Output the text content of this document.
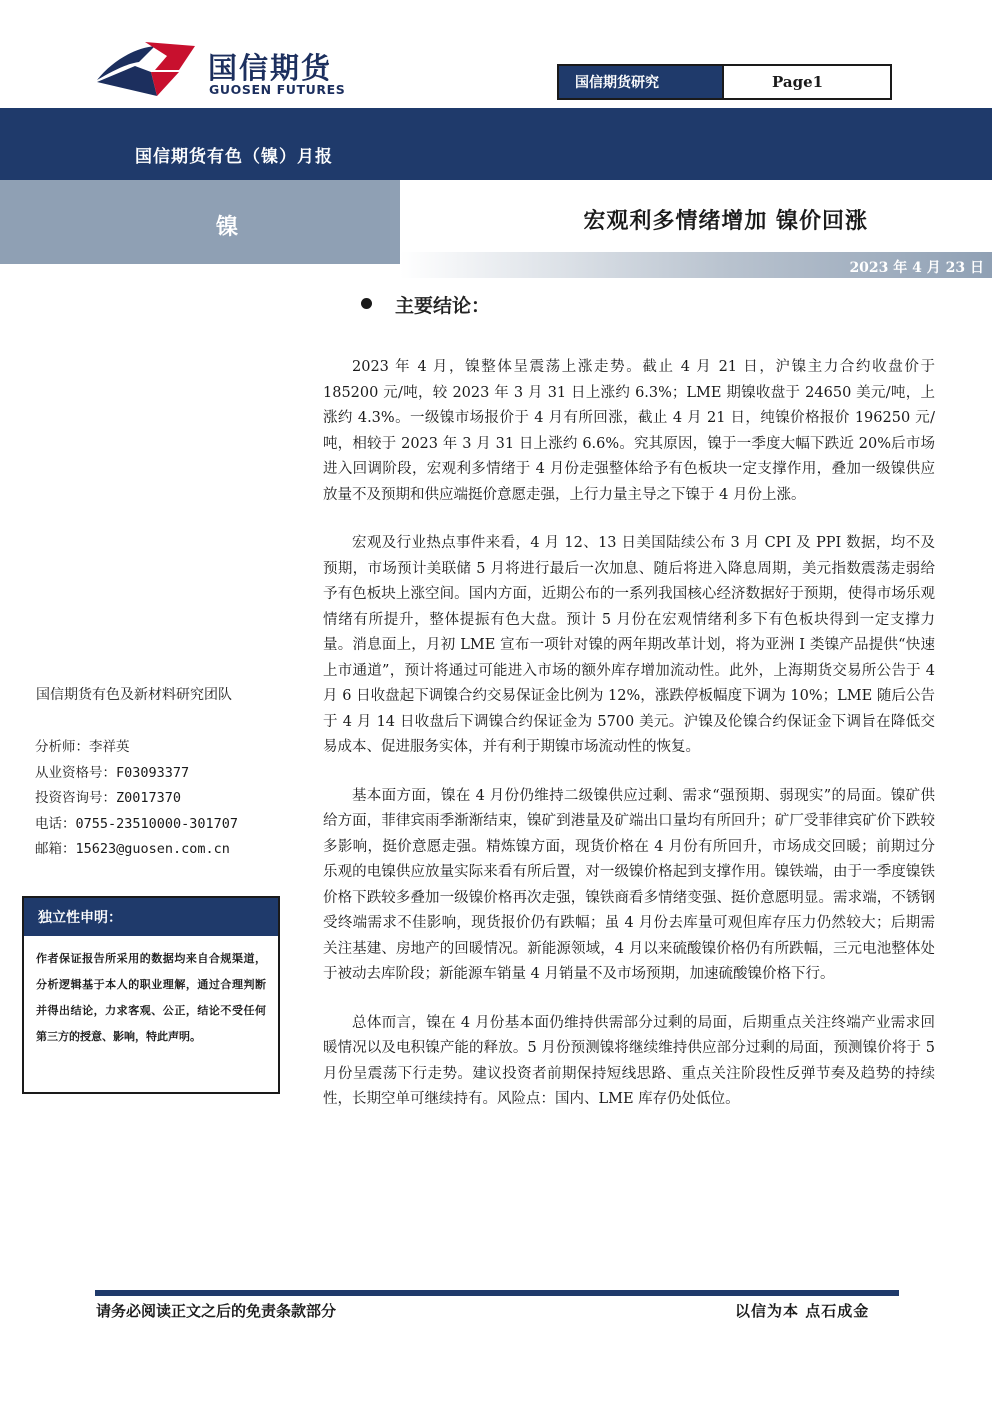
国信期货
GUOSEN FUTURES	国信期货研究	Page1
国信期货有色（镍）月报
镍	宏观利多情绪增加 镍价回涨
2023 年 4 月 23 日
主要结论：

2023 年 4 月，镍整体呈震荡上涨走势。截止 4 月 21 日，沪镍主力合约收盘价于 185200 元/吨，较 2023 年 3 月 31 日上涨约 6.3%；LME 期镍收盘于 24650 美元/吨，上涨约 4.3%。一级镍市场报价于 4 月有所回涨，截止 4 月 21 日，纯镍价格报价 196250 元/吨，相较于 2023 年 3 月 31 日上涨约 6.6%。究其原因，镍于一季度大幅下跌近 20%后市场进入回调阶段，宏观利多情绪于 4 月份走强整体给予有色板块一定支撑作用，叠加一级镍供应放量不及预期和供应端挺价意愿走强，上行力量主导之下镍于 4 月份上涨。

宏观及行业热点事件来看，4 月 12、13 日美国陆续公布 3 月 CPI 及 PPI 数据，均不及预期，市场预计美联储 5 月将进行最后一次加息、随后将进入降息周期，美元指数震荡走弱给予有色板块上涨空间。国内方面，近期公布的一系列我国核心经济数据好于预期，使得市场乐观情绪有所提升，整体提振有色大盘。预计 5 月份在宏观情绪利多下有色板块得到一定支撑力量。消息面上，月初 LME 宣布一项针对镍的两年期改革计划，将为亚洲 I 类镍产品提供“快速上市通道”，预计将通过可能进入市场的额外库存增加流动性。此外，上海期货交易所公告于 4 月 6 日收盘起下调镍合约交易保证金比例为 12%，涨跌停板幅度下调为 10%；LME 随后公告于 4 月 14 日收盘后下调镍合约保证金为 5700 美元。沪镍及伦镍合约保证金下调旨在降低交易成本、促进服务实体，并有利于期镍市场流动性的恢复。

基本面方面，镍在 4 月份仍维持二级镍供应过剩、需求“强预期、弱现实”的局面。镍矿供给方面，菲律宾雨季渐渐结束，镍矿到港量及矿端出口量均有所回升；矿厂受菲律宾矿价下跌较多影响，挺价意愿走强。精炼镍方面，现货价格在 4 月份有所回升，市场成交回暖；前期过分乐观的电镍供应放量实际来看有所后置，对一级镍价格起到支撑作用。镍铁端，由于一季度镍铁价格下跌较多叠加一级镍价格再次走强，镍铁商看多情绪变强、挺价意愿明显。需求端，不锈钢受终端需求不佳影响，现货报价仍有跌幅；虽 4 月份去库量可观但库存压力仍然较大；后期需关注基建、房地产的回暖情况。新能源领域，4 月以来硫酸镍价格仍有所跌幅，三元电池整体处于被动去库阶段；新能源车销量 4 月销量不及市场预期，加速硫酸镍价格下行。

总体而言，镍在 4 月份基本面仍维持供需部分过剩的局面，后期重点关注终端产业需求回暖情况以及电积镍产能的释放。5 月份预测镍将继续维持供应部分过剩的局面，预测镍价将于 5 月份呈震荡下行走势。建议投资者前期保持短线思路、重点关注阶段性反弹节奏及趋势的持续性，长期空单可继续持有。风险点：国内、LME 库存仍处低位。

国信期货有色及新材料研究团队
分析师：李祥英
从业资格号：F03093377
投资咨询号：Z0017370
电话：0755-23510000-301707
邮箱：15623@guosen.com.cn
独立性申明：
作者保证报告所采用的数据均来自合规渠道，分析逻辑基于本人的职业理解，通过合理判断并得出结论，力求客观、公正，结论不受任何第三方的授意、影响，特此声明。
请务必阅读正文之后的免责条款部分	以信为本 点石成金
